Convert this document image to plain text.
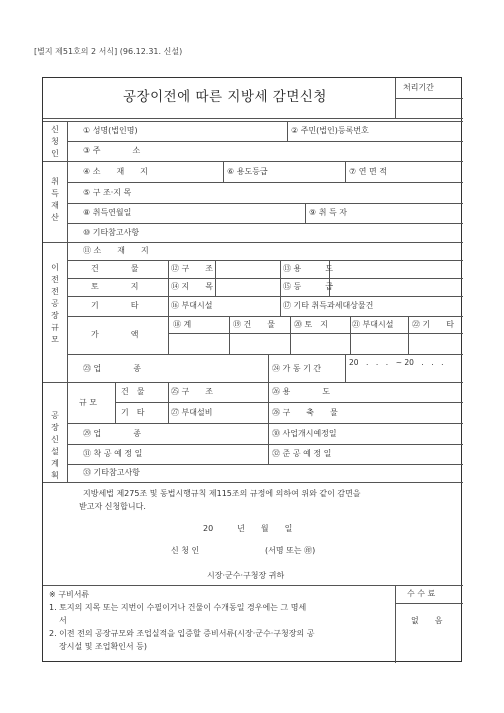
[별지 제51호의 2 서식] (96.12.31. 신설)
공장이전에 따른 지방세 감면신청
처리기간
신청인
① 성명(법인명)	② 주민(법인)등록번호
③ 주　　　　소
취득재산
④ 소　　재　　지	⑥ 용도등급	⑦ 연 면 적
⑤ 구 조·지 목
⑧ 취득연월일	⑨ 취 득 자
⑩ 기타참고사항
이전전공장규모
⑪ 소　　재　　지
건　　　　물	⑫ 구　　조	⑬ 용　　　도
토　　　　지	⑭ 지　　목	⑮ 등　　　급
기　　　　타	⑯ 부대시설	⑰ 기타 취득과세대상물건
가　　　　액
⑱ 계	⑲ 건　　물 ⑳ 토　지	㉑ 부대시설 ㉒ 기　　타
㉓ 업　　　　종	㉔ 가 동 기 간
20　.　.　.　~ 20　.　.　.
공장신설계획
규 모
건　물	㉕ 구　　조	㉖ 용　　　　도
기　타	㉗ 부대설비	㉘ 구　　축　　물
㉙ 업　　　　종	㉚ 사업개시예정일
㉛ 착 공 예 정 일	㉜ 준 공 예 정 일
㉝ 기타참고사항
지방세법 제275조 및 동법시행규칙 제115조의 규정에 의하여 위와 같이 감면을
받고자 신청합니다.
20　　　년　　월　　일
신 청 인	(서명 또는 ㊞)
시장·군수·구청장 귀하
※ 구비서류
1. 토지의 지목 또는 지번이 수필이거나 건물이 수개동일 경우에는 그 명세
서
2. 이전 전의 공장규모와 조업실적을 입증할 증비서류(시장·군수·구청장의 공
장시설 및 조업확인서 등)
수 수 료
없　　음
